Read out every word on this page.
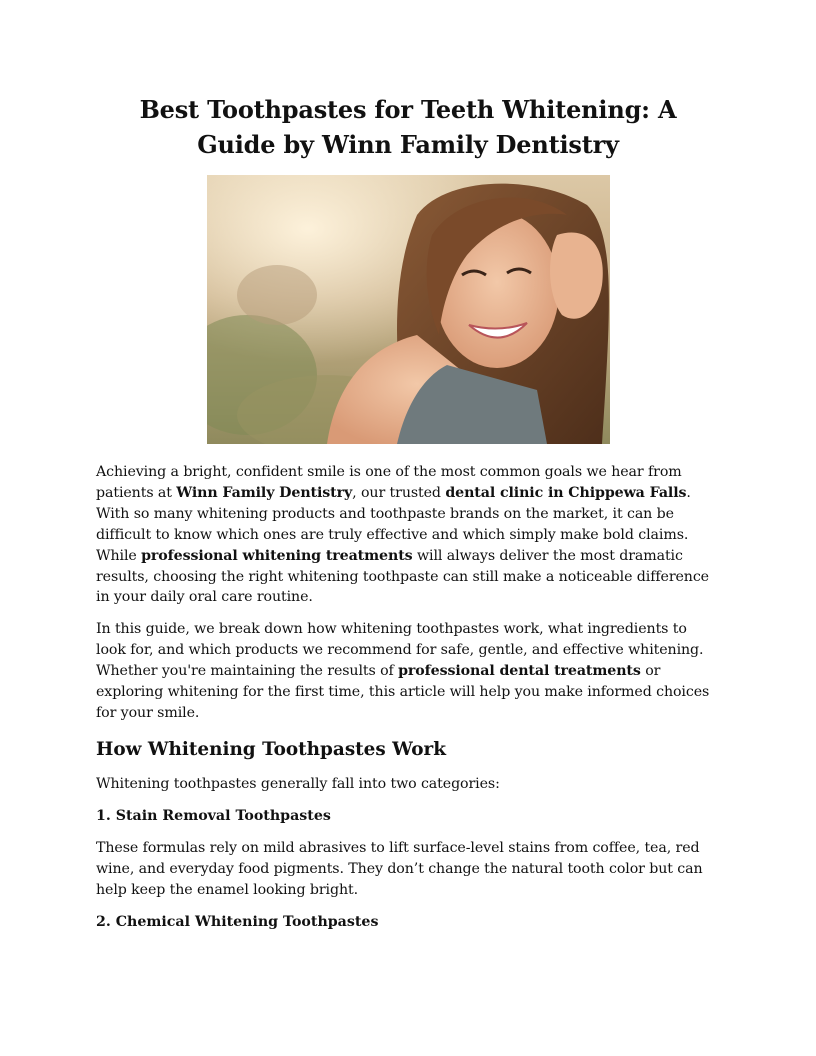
Best Toothpastes for Teeth Whitening: A
Guide by Winn Family Dentistry

Achieving a bright, confident smile is one of the most common goals we hear from patients at Winn Family Dentistry, our trusted dental clinic in Chippewa Falls. With so many whitening products and toothpaste brands on the market, it can be difficult to know which ones are truly effective and which simply make bold claims. While professional whitening treatments will always deliver the most dramatic results, choosing the right whitening toothpaste can still make a noticeable difference in your daily oral care routine.

In this guide, we break down how whitening toothpastes work, what ingredients to look for, and which products we recommend for safe, gentle, and effective whitening. Whether you're maintaining the results of professional dental treatments or exploring whitening for the first time, this article will help you make informed choices for your smile.

How Whitening Toothpastes Work

Whitening toothpastes generally fall into two categories:

1. Stain Removal Toothpastes

These formulas rely on mild abrasives to lift surface-level stains from coffee, tea, red wine, and everyday food pigments. They don’t change the natural tooth color but can help keep the enamel looking bright.

2. Chemical Whitening Toothpastes
